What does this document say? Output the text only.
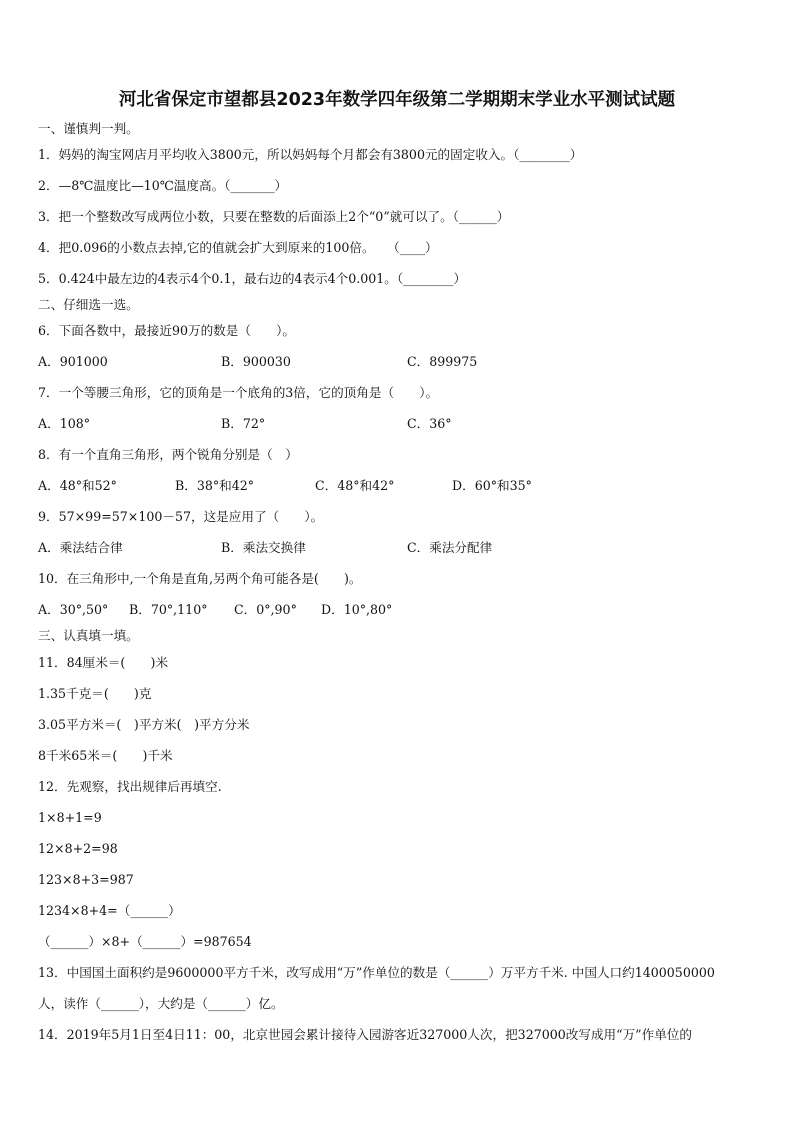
河北省保定市望都县2023年数学四年级第二学期期末学业水平测试试题
一、谨慎判一判。
1．妈妈的淘宝网店月平均收入3800元，所以妈妈每个月都会有3800元的固定收入。（________）
2．—8℃温度比—10℃温度高。（_______）
3．把一个整数改写成两位小数，只要在整数的后面添上2个“0”就可以了。（______）
4．把0.096的小数点去掉,它的值就会扩大到原来的100倍。　　（____）
5．0.424中最左边的4表示4个0.1，最右边的4表示4个0.001。（________）
二、仔细选一选。
6．下面各数中，最接近90万的数是（　　）。
A．901000	B．900030	C．899975
7．一个等腰三角形，它的顶角是一个底角的3倍，它的顶角是（　　）。
A．108°	B．72°	C．36°
8．有一个直角三角形，两个锐角分别是（　）
A．48°和52°	B．38°和42°	C．48°和42°	D．60°和35°
9．57×99=57×100－57，这是应用了（　　）。
A．乘法结合律	B．乘法交换律	C．乘法分配律
10．在三角形中,一个角是直角,另两个角可能各是(　　)。
A．30°,50° B．70°,110° C．0°,90° D．10°,80°
三、认真填一填。
11．84厘米＝(　　)米
1.35千克＝(　　)克
3.05平方米＝(　)平方米(　)平方分米
8千米65米＝(　　)千米
12．先观察，找出规律后再填空.
1×8+1=9
12×8+2=98
123×8+3=987
1234×8+4=（______）
（______）×8+（______）=987654
13．中国国土面积约是9600000平方千米，改写成用“万”作单位的数是（______）万平方千米. 中国人口约1400050000
人，读作（______），大约是（______）亿。
14．2019年5月1日至4日11：00，北京世园会累计接待入园游客近327000人次，把327000改写成用“万”作单位的
